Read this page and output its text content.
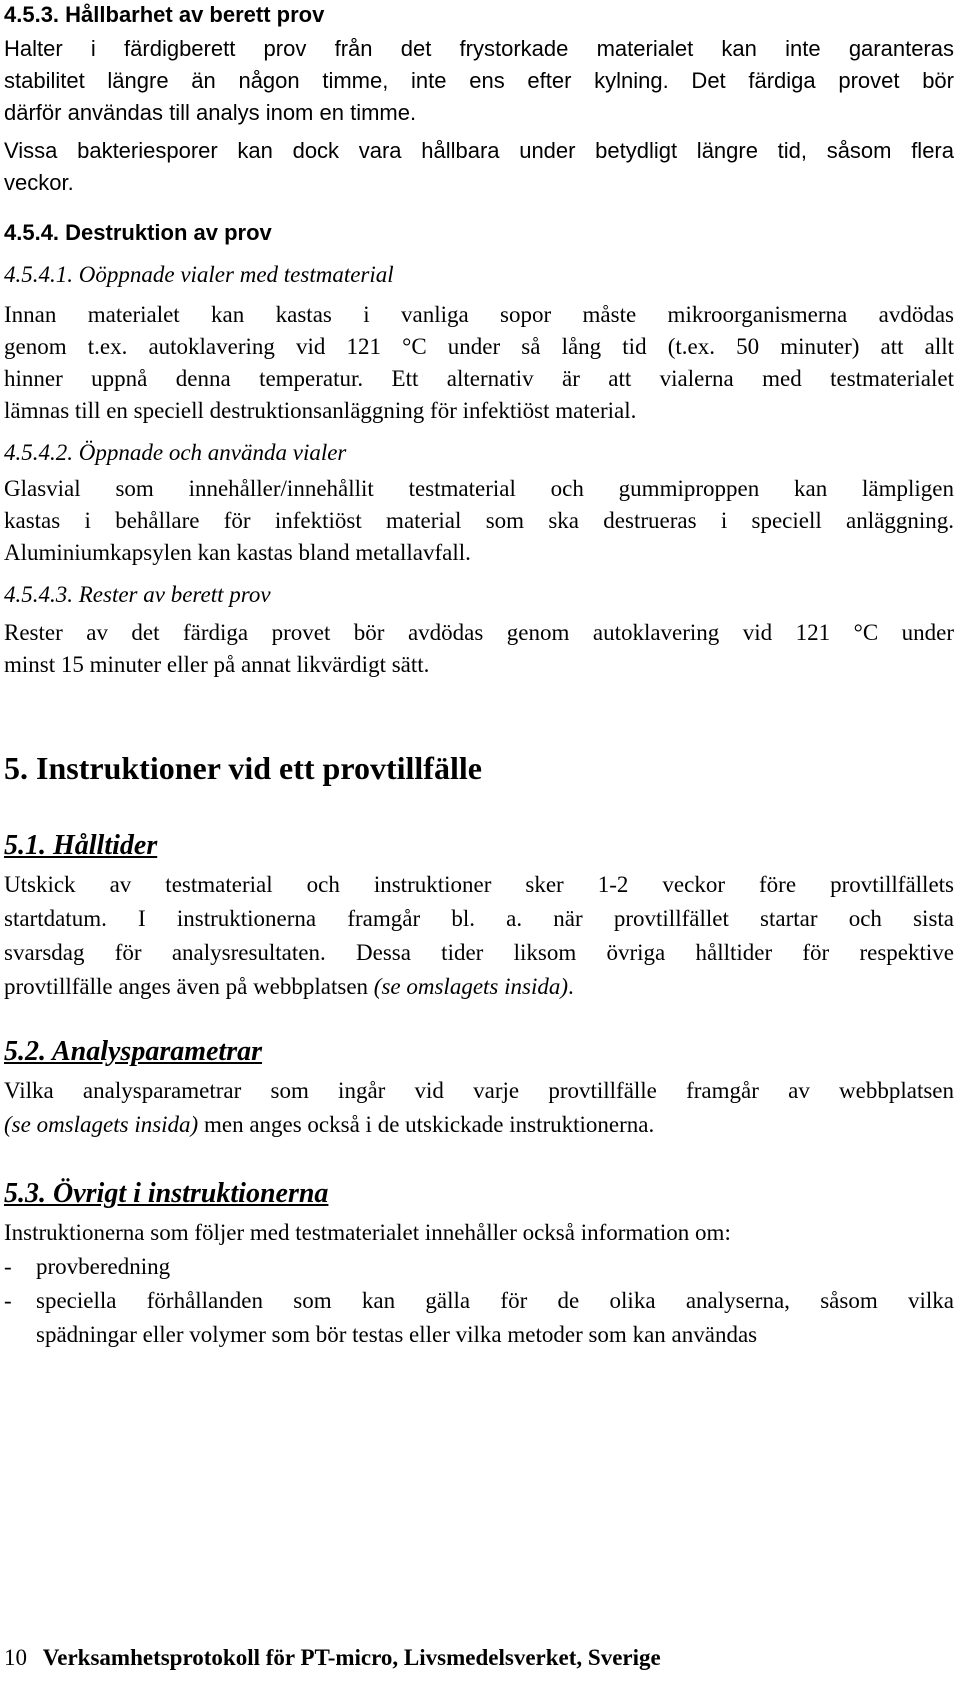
4.5.3. Hållbarhet av berett prov
Halter i färdigberett prov från det frystorkade materialet kan inte garanteras
stabilitet längre än någon timme, inte ens efter kylning. Det färdiga provet bör
därför användas till analys inom en timme.
Vissa bakteriesporer kan dock vara hållbara under betydligt längre tid, såsom flera
veckor.
4.5.4. Destruktion av prov
4.5.4.1. Oöppnade vialer med testmaterial
Innan materialet kan kastas i vanliga sopor måste mikroorganismerna avdödas
genom t.ex. autoklavering vid 121 °C under så lång tid (t.ex. 50 minuter) att allt
hinner uppnå denna temperatur. Ett alternativ är att vialerna med testmaterialet
lämnas till en speciell destruktionsanläggning för infektiöst material.
4.5.4.2. Öppnade och använda vialer
Glasvial som innehåller/innehållit testmaterial och gummiproppen kan lämpligen
kastas i behållare för infektiöst material som ska destrueras i speciell anläggning.
Aluminiumkapsylen kan kastas bland metallavfall.
4.5.4.3. Rester av berett prov
Rester av det färdiga provet bör avdödas genom autoklavering vid 121 °C under
minst 15 minuter eller på annat likvärdigt sätt.
5. Instruktioner vid ett provtillfälle
5.1. Hålltider
Utskick av testmaterial och instruktioner sker 1-2 veckor före provtillfällets
startdatum. I instruktionerna framgår bl. a. när provtillfället startar och sista
svarsdag för analysresultaten. Dessa tider liksom övriga hålltider för respektive
provtillfälle anges även på webbplatsen (se omslagets insida).
5.2. Analysparametrar
Vilka analysparametrar som ingår vid varje provtillfälle framgår av webbplatsen
(se omslagets insida) men anges också i de utskickade instruktionerna.
5.3. Övrigt i instruktionerna
Instruktionerna som följer med testmaterialet innehåller också information om:
- provberedning
- speciella förhållanden som kan gälla för de olika analyserna, såsom vilka
spädningar eller volymer som bör testas eller vilka metoder som kan användas
10 Verksamhetsprotokoll för PT-micro, Livsmedelsverket, Sverige
